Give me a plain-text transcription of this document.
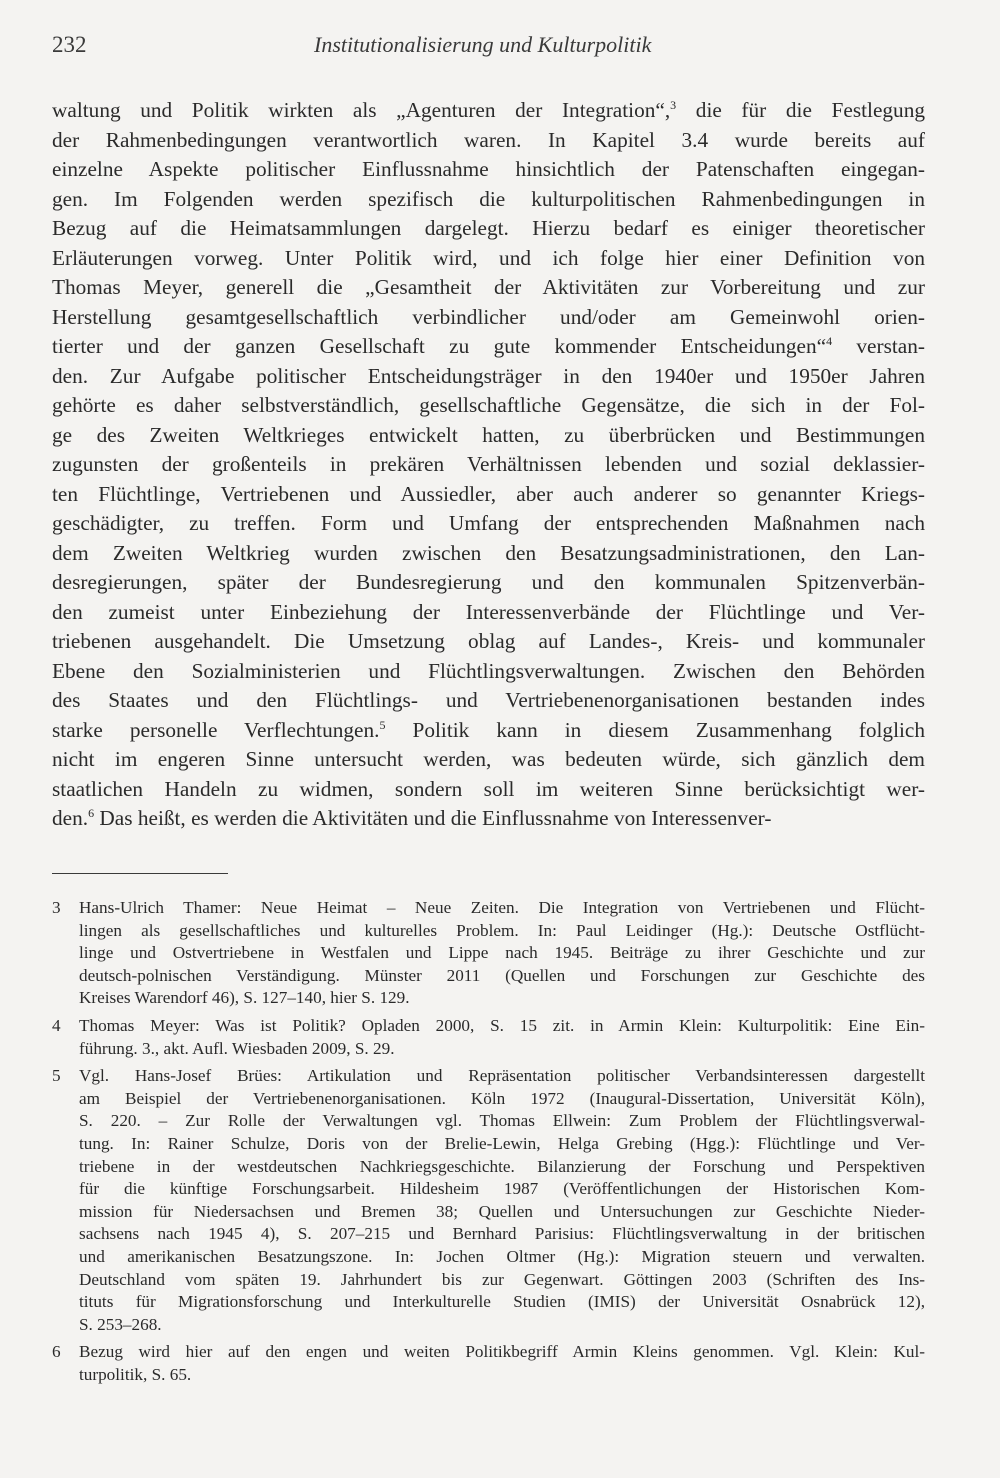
232	Institutionalisierung und Kulturpolitik
waltung und Politik wirkten als „Agenturen der Integration“,$^3$ die für die Festlegung
der Rahmenbedingungen verantwortlich waren. In Kapitel 3.4 wurde bereits auf
einzelne Aspekte politischer Einflussnahme hinsichtlich der Patenschaften eingegan-
gen. Im Folgenden werden spezifisch die kulturpolitischen Rahmenbedingungen in
Bezug auf die Heimatsammlungen dargelegt. Hierzu bedarf es einiger theoretischer
Erläuterungen vorweg. Unter Politik wird, und ich folge hier einer Definition von
Thomas Meyer, generell die „Gesamtheit der Aktivitäten zur Vorbereitung und zur
Herstellung gesamtgesellschaftlich verbindlicher und/oder am Gemeinwohl orien-
tierter und der ganzen Gesellschaft zu gute kommender Entscheidungen“$^4$ verstan-
den. Zur Aufgabe politischer Entscheidungsträger in den 1940er und 1950er Jahren
gehörte es daher selbstverständlich, gesellschaftliche Gegensätze, die sich in der Fol-
ge des Zweiten Weltkrieges entwickelt hatten, zu überbrücken und Bestimmungen
zugunsten der großenteils in prekären Verhältnissen lebenden und sozial deklassier-
ten Flüchtlinge, Vertriebenen und Aussiedler, aber auch anderer so genannter Kriegs-
geschädigter, zu treffen. Form und Umfang der entsprechenden Maßnahmen nach
dem Zweiten Weltkrieg wurden zwischen den Besatzungsadministrationen, den Lan-
desregierungen, später der Bundesregierung und den kommunalen Spitzenverbän-
den zumeist unter Einbeziehung der Interessenverbände der Flüchtlinge und Ver-
triebenen ausgehandelt. Die Umsetzung oblag auf Landes-, Kreis- und kommunaler
Ebene den Sozialministerien und Flüchtlingsverwaltungen. Zwischen den Behörden
des Staates und den Flüchtlings- und Vertriebenenorganisationen bestanden indes
starke personelle Verflechtungen.$^5$ Politik kann in diesem Zusammenhang folglich
nicht im engeren Sinne untersucht werden, was bedeuten würde, sich gänzlich dem
staatlichen Handeln zu widmen, sondern soll im weiteren Sinne berücksichtigt wer-
den.$^6$ Das heißt, es werden die Aktivitäten und die Einflussnahme von Interessenver-
3 Hans-Ulrich Thamer: Neue Heimat – Neue Zeiten. Die Integration von Vertriebenen und Flücht-
lingen als gesellschaftliches und kulturelles Problem. In: Paul Leidinger (Hg.): Deutsche Ostflücht-
linge und Ostvertriebene in Westfalen und Lippe nach 1945. Beiträge zu ihrer Geschichte und zur
deutsch-polnischen Verständigung. Münster 2011 (Quellen und Forschungen zur Geschichte des
Kreises Warendorf 46), S. 127–140, hier S. 129.
4 Thomas Meyer: Was ist Politik? Opladen 2000, S. 15 zit. in Armin Klein: Kulturpolitik: Eine Ein-
führung. 3., akt. Aufl. Wiesbaden 2009, S. 29.
5 Vgl. Hans-Josef Brües: Artikulation und Repräsentation politischer Verbandsinteressen dargestellt
am Beispiel der Vertriebenenorganisationen. Köln 1972 (Inaugural-Dissertation, Universität Köln),
S. 220. – Zur Rolle der Verwaltungen vgl. Thomas Ellwein: Zum Problem der Flüchtlingsverwal-
tung. In: Rainer Schulze, Doris von der Brelie-Lewin, Helga Grebing (Hgg.): Flüchtlinge und Ver-
triebene in der westdeutschen Nachkriegsgeschichte. Bilanzierung der Forschung und Perspektiven
für die künftige Forschungsarbeit. Hildesheim 1987 (Veröffentlichungen der Historischen Kom-
mission für Niedersachsen und Bremen 38; Quellen und Untersuchungen zur Geschichte Nieder-
sachsens nach 1945 4), S. 207–215 und Bernhard Parisius: Flüchtlingsverwaltung in der britischen
und amerikanischen Besatzungszone. In: Jochen Oltmer (Hg.): Migration steuern und verwalten.
Deutschland vom späten 19. Jahrhundert bis zur Gegenwart. Göttingen 2003 (Schriften des Ins-
tituts für Migrationsforschung und Interkulturelle Studien (IMIS) der Universität Osnabrück 12),
S. 253–268.
6 Bezug wird hier auf den engen und weiten Politikbegriff Armin Kleins genommen. Vgl. Klein: Kul-
turpolitik, S. 65.
